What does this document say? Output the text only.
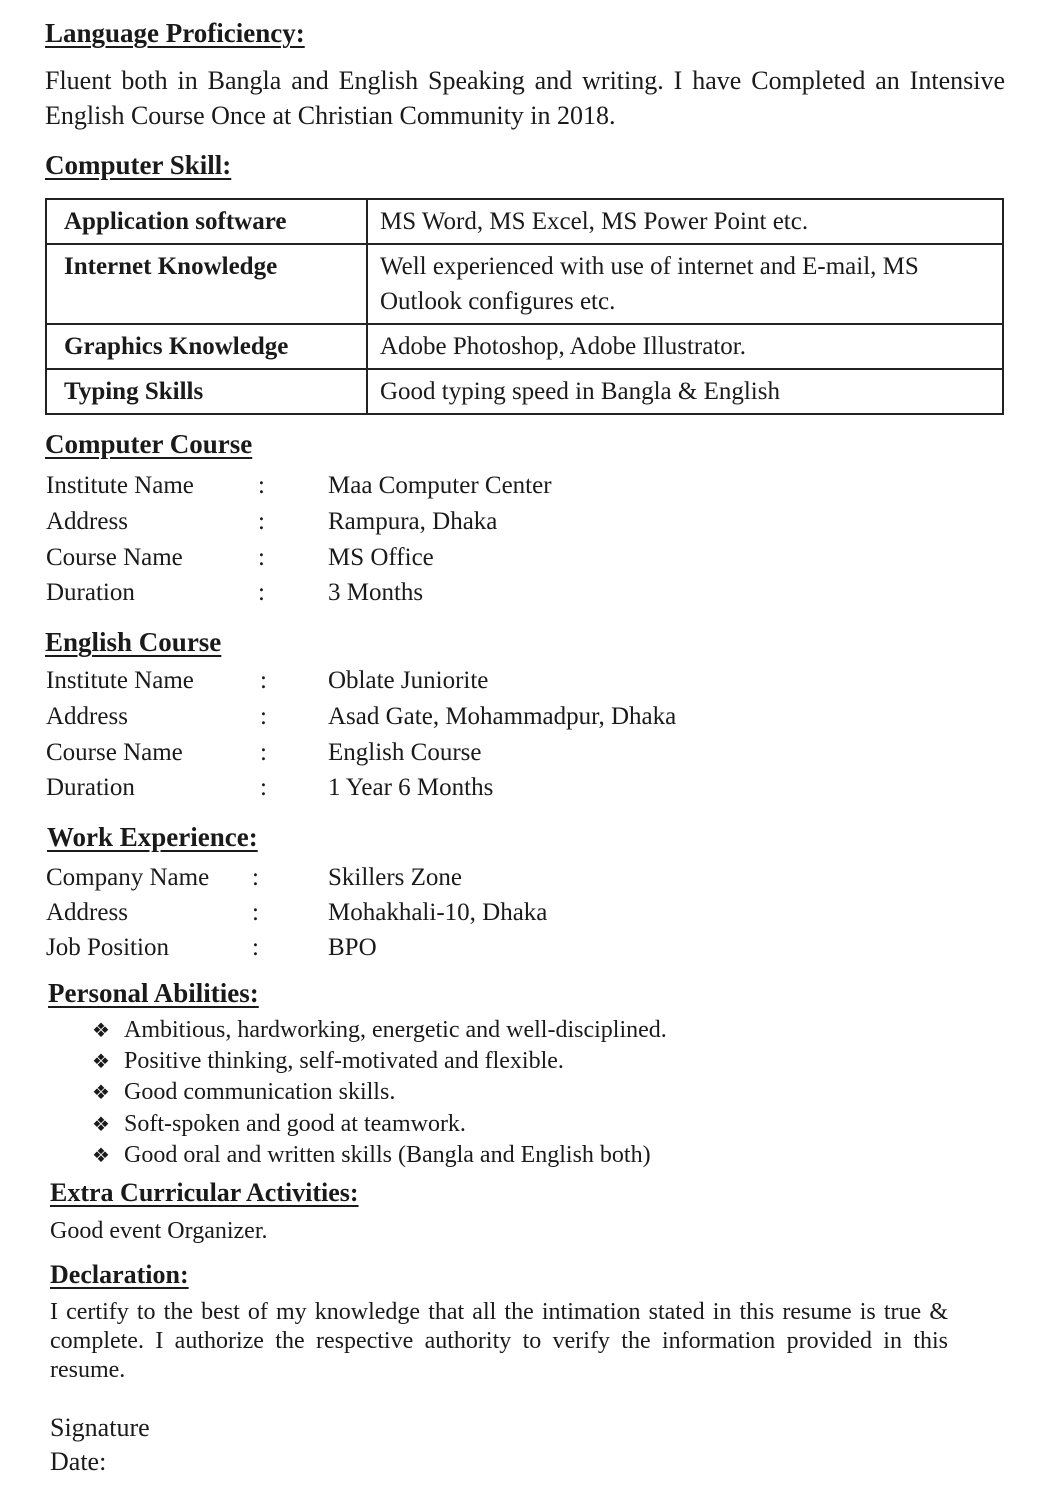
Language Proficiency:
Fluent both in Bangla and English Speaking and writing. I have Completed an Intensive English Course Once at Christian Community in 2018.
Computer Skill:
Application software	MS Word, MS Excel, MS Power Point etc.
Internet Knowledge	Well experienced with use of internet and E-mail, MS Outlook configures etc.
Graphics Knowledge	Adobe Photoshop, Adobe Illustrator.
Typing Skills	Good typing speed in Bangla & English
Computer Course
Institute Name	:	Maa Computer Center
Address	:	Rampura, Dhaka
Course Name	:	MS Office
Duration	:	3 Months
English Course
Institute Name	: Oblate Juniorite
Address	: Asad Gate, Mohammadpur, Dhaka
Course Name	: English Course
Duration	: 1 Year 6 Months
Work Experience:
Company Name :	Skillers Zone
Address	:	Mohakhali-10, Dhaka
Job Position	:	BPO
Personal Abilities:
❖ Ambitious, hardworking, energetic and well-disciplined.
❖ Positive thinking, self-motivated and flexible.
❖ Good communication skills.
❖ Soft-spoken and good at teamwork.
❖ Good oral and written skills (Bangla and English both)
Extra Curricular Activities:
Good event Organizer.
Declaration:
I certify to the best of my knowledge that all the intimation stated in this resume is true & complete. I authorize the respective authority to verify the information provided in this resume.
Signature
Date:
